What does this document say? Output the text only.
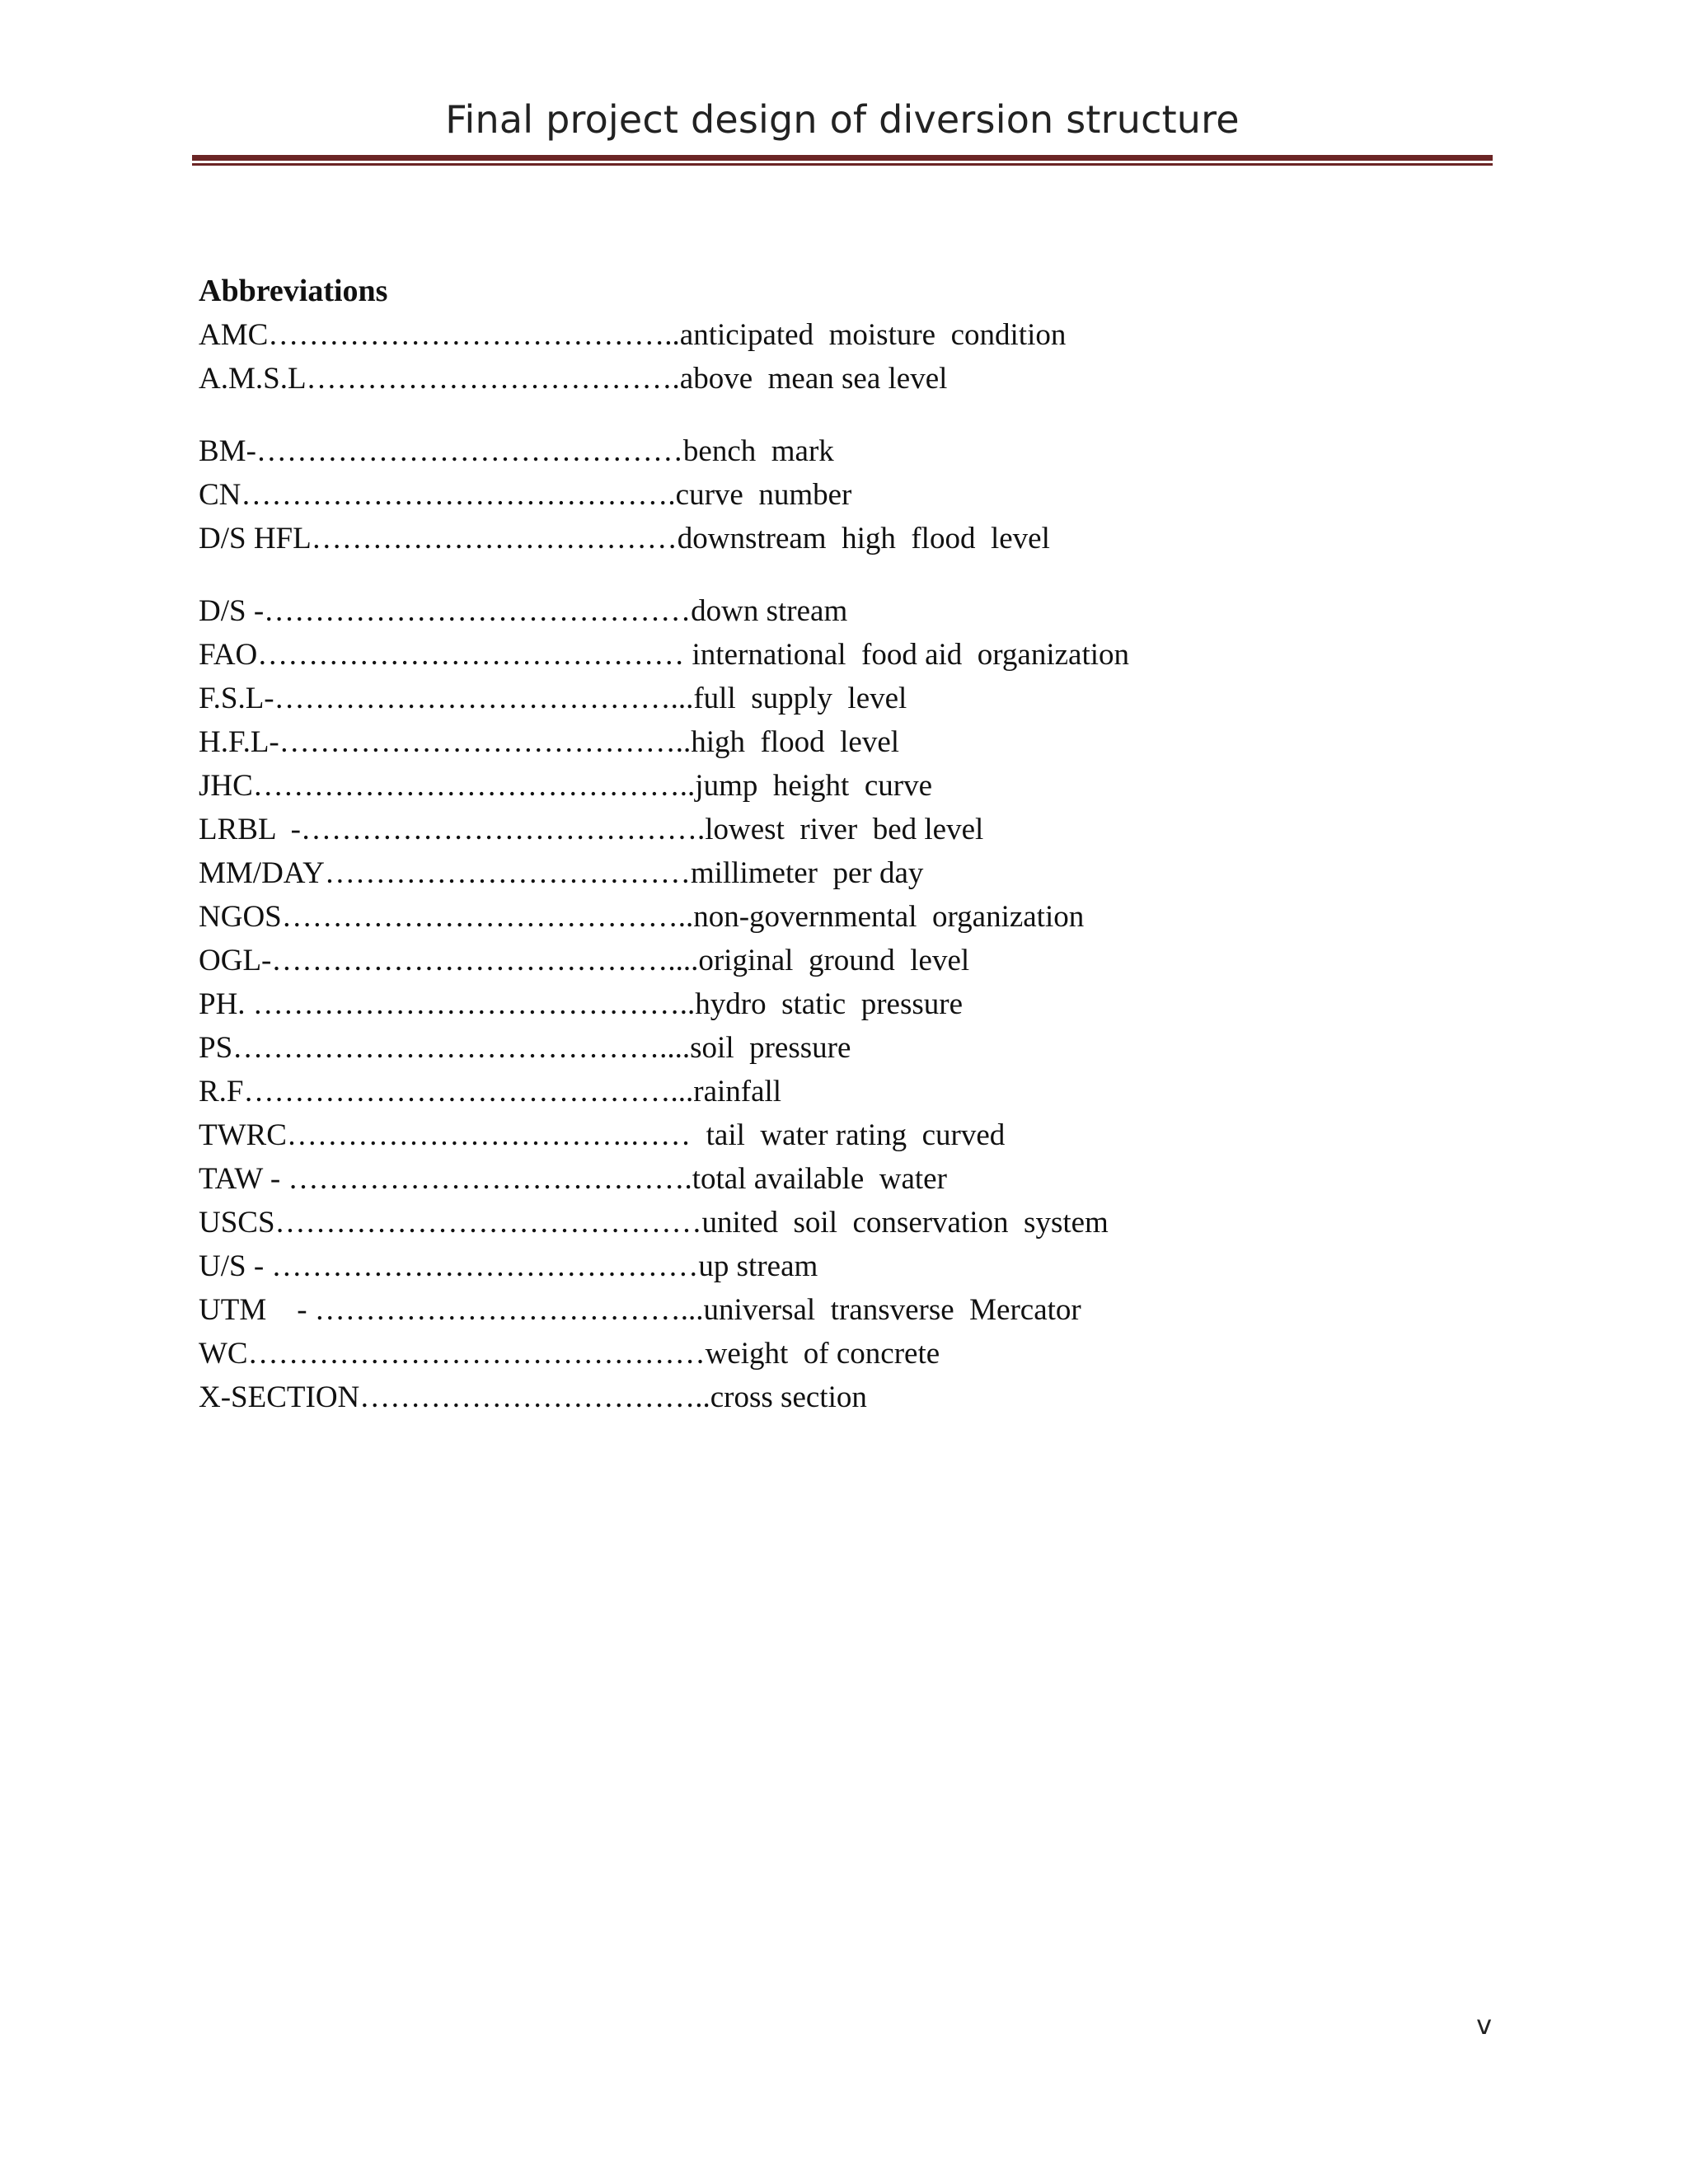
Final project design of diversion structure
Abbreviations
AMC…………………………………..anticipated  moisture  condition
A.M.S.L……………………………….above  mean sea level
BM-……………………………………bench  mark
CN…………………………………….curve  number
D/S HFL………………………………downstream  high  flood  level
D/S -……………………………………down stream
FAO…………………………………… international  food aid  organization
F.S.L-…………………………………...full  supply  level
H.F.L-…………………………………..high  flood  level
JHC……………………………………..jump  height  curve
LRBL  -………………………………….lowest  river  bed level
MM/DAY………………………………millimeter  per day
NGOS…………………………………..non-governmental  organization
OGL-…………………………………....original  ground  level
PH. ……………………………………..hydro  static  pressure
PS……………………………………....soil  pressure
R.F……………………………………...rainfall
TWRC…………………………….……  tail  water rating  curved
TAW - ………………………………….total available  water
USCS……………………………………united  soil  conservation  system
U/S - ……………………………………up stream
UTM    - ………………………………...universal  transverse  Mercator
WC………………………………………weight  of concrete
X-SECTION……………………………..cross section
v
